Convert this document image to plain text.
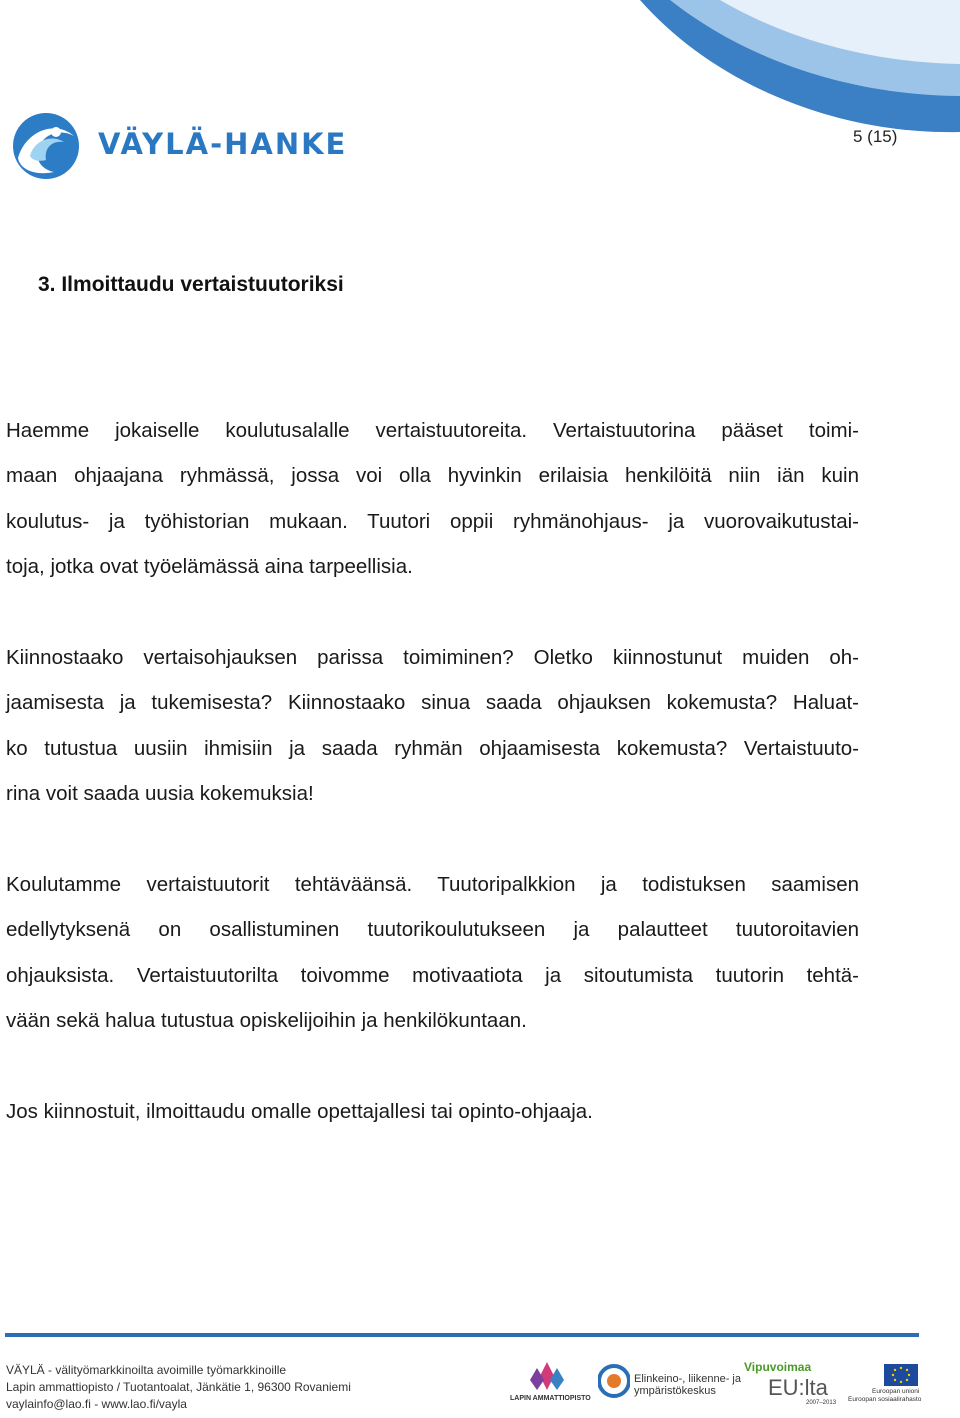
VÄYLÄ-HANKE	5 (15)
3. Ilmoittaudu vertaistuutoriksi
Haemme jokaiselle koulutusalalle vertaistuutoreita. Vertaistuutorina pääset toimi-
maan ohjaajana ryhmässä, jossa voi olla hyvinkin erilaisia henkilöitä niin iän kuin
koulutus- ja työhistorian mukaan. Tuutori oppii ryhmänohjaus- ja vuorovaikutustai-
toja, jotka ovat työelämässä aina tarpeellisia.
Kiinnostaako vertaisohjauksen parissa toimiminen? Oletko kiinnostunut muiden oh-
jaamisesta ja tukemisesta? Kiinnostaako sinua saada ohjauksen kokemusta? Haluat-
ko tutustua uusiin ihmisiin ja saada ryhmän ohjaamisesta kokemusta? Vertaistuuto-
rina voit saada uusia kokemuksia!
Koulutamme vertaistuutorit tehtäväänsä. Tuutoripalkkion ja todistuksen saamisen
edellytyksenä on osallistuminen tuutorikoulutukseen ja palautteet tuutoroitavien
ohjauksista. Vertaistuutorilta toivomme motivaatiota ja sitoutumista tuutorin tehtä-
vään sekä halua tutustua opiskelijoihin ja henkilökuntaan.
Jos kiinnostuit, ilmoittaudu omalle opettajallesi tai opinto-ohjaaja.
VÄYLÄ - välityömarkkinoilta avoimille työmarkkinoille
Lapin ammattiopisto / Tuotantoalat, Jänkätie 1, 96300 Rovaniemi
vaylainfo@lao.fi - www.lao.fi/vayla	LAPIN AMMATTIOPISTO
Elinkeino-, liikenne- ja
ympäristökeskus
Vipuvoimaa
EU:lta
2007–2013
Euroopan unioni
Euroopan sosiaalirahasto
